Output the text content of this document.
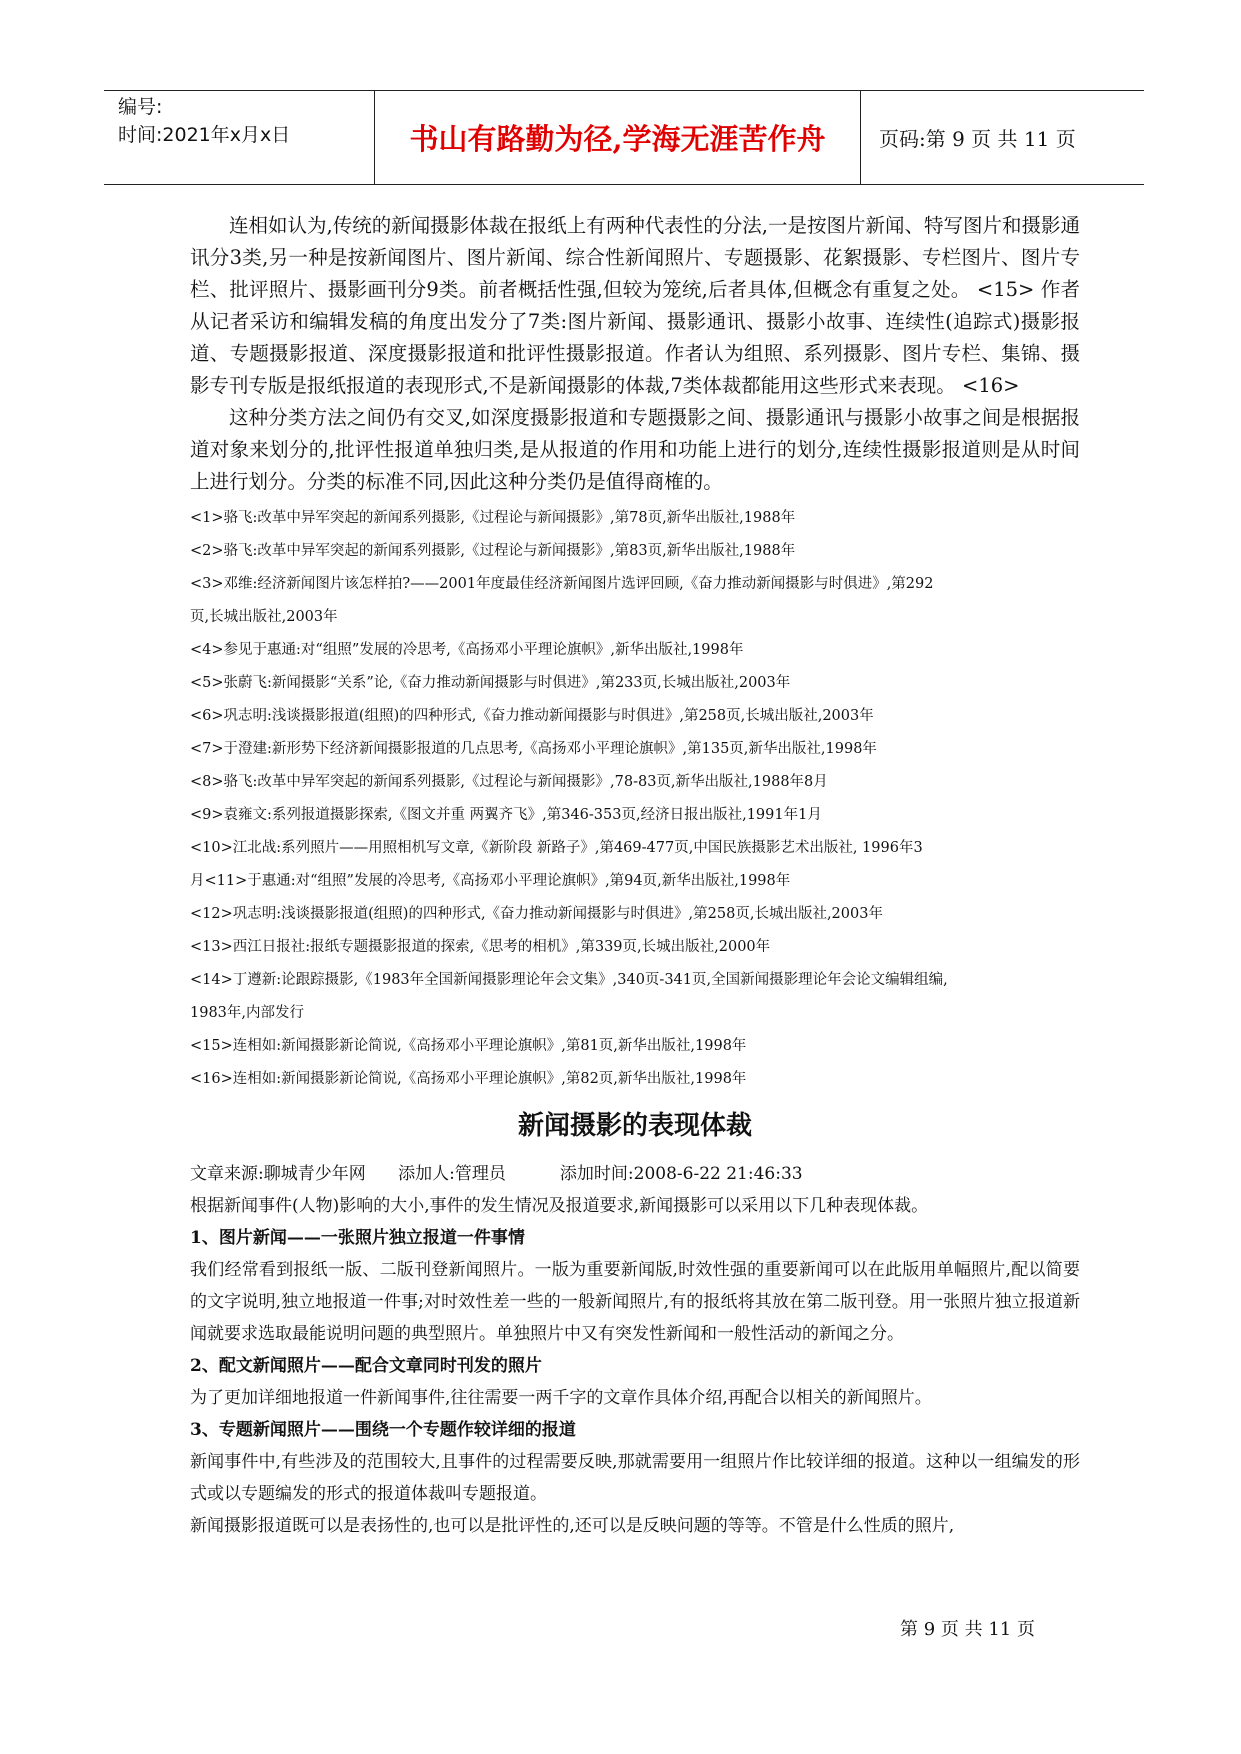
编号:
时间:2021年x月x日	书山有路勤为径,学海无涯苦作舟	页码:第 9 页 共 11 页

连相如认为,传统的新闻摄影体裁在报纸上有两种代表性的分法,一是按图片新闻、特写图片和摄影通讯分3类,另一种是按新闻图片、图片新闻、综合性新闻照片、专题摄影、花絮摄影、专栏图片、图片专栏、批评照片、摄影画刊分9类。前者概括性强,但较为笼统,后者具体,但概念有重复之处。 <15> 作者从记者采访和编辑发稿的角度出发分了7类:图片新闻、摄影通讯、摄影小故事、连续性(追踪式)摄影报道、专题摄影报道、深度摄影报道和批评性摄影报道。作者认为组照、系列摄影、图片专栏、集锦、摄影专刊专版是报纸报道的表现形式,不是新闻摄影的体裁,7类体裁都能用这些形式来表现。 <16>

这种分类方法之间仍有交叉,如深度摄影报道和专题摄影之间、摄影通讯与摄影小故事之间是根据报道对象来划分的,批评性报道单独归类,是从报道的作用和功能上进行的划分,连续性摄影报道则是从时间上进行划分。分类的标准不同,因此这种分类仍是值得商榷的。

<1>骆飞:改革中异军突起的新闻系列摄影,《过程论与新闻摄影》,第78页,新华出版社,1988年

<2>骆飞:改革中异军突起的新闻系列摄影,《过程论与新闻摄影》,第83页,新华出版社,1988年

<3>邓维:经济新闻图片该怎样拍?——2001年度最佳经济新闻图片选评回顾,《奋力推动新闻摄影与时俱进》,第292

页,长城出版社,2003年

<4>参见于惠通:对“组照”发展的冷思考,《高扬邓小平理论旗帜》,新华出版社,1998年

<5>张蔚飞:新闻摄影“关系”论,《奋力推动新闻摄影与时俱进》,第233页,长城出版社,2003年

<6>巩志明:浅谈摄影报道(组照)的四种形式,《奋力推动新闻摄影与时俱进》,第258页,长城出版社,2003年

<7>于澄建:新形势下经济新闻摄影报道的几点思考,《高扬邓小平理论旗帜》,第135页,新华出版社,1998年

<8>骆飞:改革中异军突起的新闻系列摄影,《过程论与新闻摄影》,78-83页,新华出版社,1988年8月

<9>袁雍文:系列报道摄影探索,《图文并重 两翼齐飞》,第346-353页,经济日报出版社,1991年1月

<10>江北战:系列照片——用照相机写文章,《新阶段 新路子》,第469-477页,中国民族摄影艺术出版社, 1996年3

月<11>于惠通:对“组照”发展的冷思考,《高扬邓小平理论旗帜》,第94页,新华出版社,1998年

<12>巩志明:浅谈摄影报道(组照)的四种形式,《奋力推动新闻摄影与时俱进》,第258页,长城出版社,2003年

<13>西江日报社:报纸专题摄影报道的探索,《思考的相机》,第339页,长城出版社,2000年

<14>丁遵新:论跟踪摄影,《1983年全国新闻摄影理论年会文集》,340页-341页,全国新闻摄影理论年会论文编辑组编,

1983年,内部发行

<15>连相如:新闻摄影新论简说,《高扬邓小平理论旗帜》,第81页,新华出版社,1998年

<16>连相如:新闻摄影新论简说,《高扬邓小平理论旗帜》,第82页,新华出版社,1998年

新闻摄影的表现体裁

文章来源:聊城青少年网      添加人:管理员          添加时间:2008-6-22 21:46:33

根据新闻事件(人物)影响的大小,事件的发生情况及报道要求,新闻摄影可以采用以下几种表现体裁。

1、图片新闻——一张照片独立报道一件事情

我们经常看到报纸一版、二版刊登新闻照片。一版为重要新闻版,时效性强的重要新闻可以在此版用单幅照片,配以简要的文字说明,独立地报道一件事;对时效性差一些的一般新闻照片,有的报纸将其放在第二版刊登。用一张照片独立报道新闻就要求选取最能说明问题的典型照片。单独照片中又有突发性新闻和一般性活动的新闻之分。

2、配文新闻照片——配合文章同时刊发的照片

为了更加详细地报道一件新闻事件,往往需要一两千字的文章作具体介绍,再配合以相关的新闻照片。

3、专题新闻照片——围绕一个专题作较详细的报道

新闻事件中,有些涉及的范围较大,且事件的过程需要反映,那就需要用一组照片作比较详细的报道。这种以一组编发的形式或以专题编发的形式的报道体裁叫专题报道。

新闻摄影报道既可以是表扬性的,也可以是批评性的,还可以是反映问题的等等。不管是什么性质的照片,

第 9 页 共 11 页
